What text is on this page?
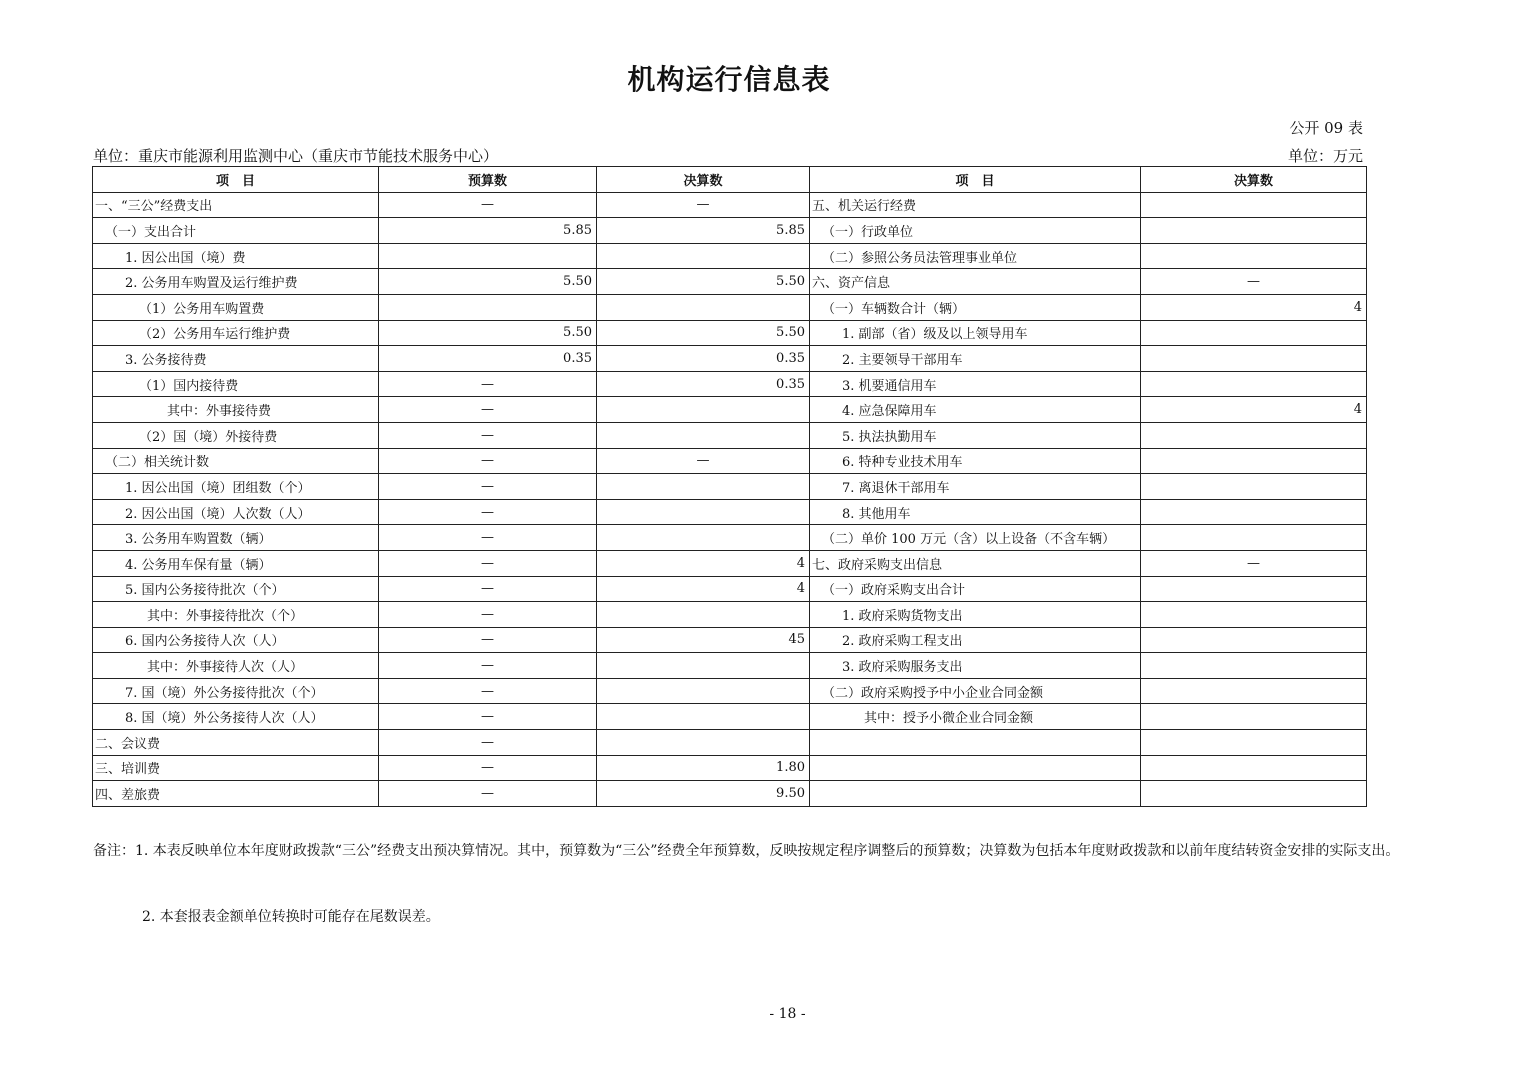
机构运行信息表
公开 09 表
单位：重庆市能源利用监测中心（重庆市节能技术服务中心）	单位：万元
项　目	预算数	决算数	项　目	决算数
一、“三公”经费支出	—	—	五、机关运行经费	
（一）支出合计	5.85	5.85	（一）行政单位	
1. 因公出国（境）费			（二）参照公务员法管理事业单位	
2. 公务用车购置及运行维护费	5.50	5.50	六、资产信息	—
（1）公务用车购置费			（一）车辆数合计（辆）	4
（2）公务用车运行维护费	5.50	5.50	1. 副部（省）级及以上领导用车	
3. 公务接待费	0.35	0.35	2. 主要领导干部用车	
（1）国内接待费	—	0.35	3. 机要通信用车	
其中：外事接待费	—		4. 应急保障用车	4
（2）国（境）外接待费	—		5. 执法执勤用车	
（二）相关统计数	—	—	6. 特种专业技术用车	
1. 因公出国（境）团组数（个）	—		7. 离退休干部用车	
2. 因公出国（境）人次数（人）	—		8. 其他用车	
3. 公务用车购置数（辆）	—		（二）单价 100 万元（含）以上设备（不含车辆）	
4. 公务用车保有量（辆）	—	4	七、政府采购支出信息	—
5. 国内公务接待批次（个）	—	4	（一）政府采购支出合计	
其中：外事接待批次（个）	—		1. 政府采购货物支出	
6. 国内公务接待人次（人）	—	45	2. 政府采购工程支出	
其中：外事接待人次（人）	—		3. 政府采购服务支出	
7. 国（境）外公务接待批次（个）	—		（二）政府采购授予中小企业合同金额	
8. 国（境）外公务接待人次（人）	—		其中：授予小微企业合同金额	
二、会议费	—			
三、培训费	—	1.80		
四、差旅费	—	9.50		
备注：1. 本表反映单位本年度财政拨款“三公”经费支出预决算情况。其中，预算数为“三公”经费全年预算数，反映按规定程序调整后的预算数；决算数为包括本年度财政拨款和以前年度结转资金安排的实际支出。
2. 本套报表金额单位转换时可能存在尾数误差。
- 18 -
